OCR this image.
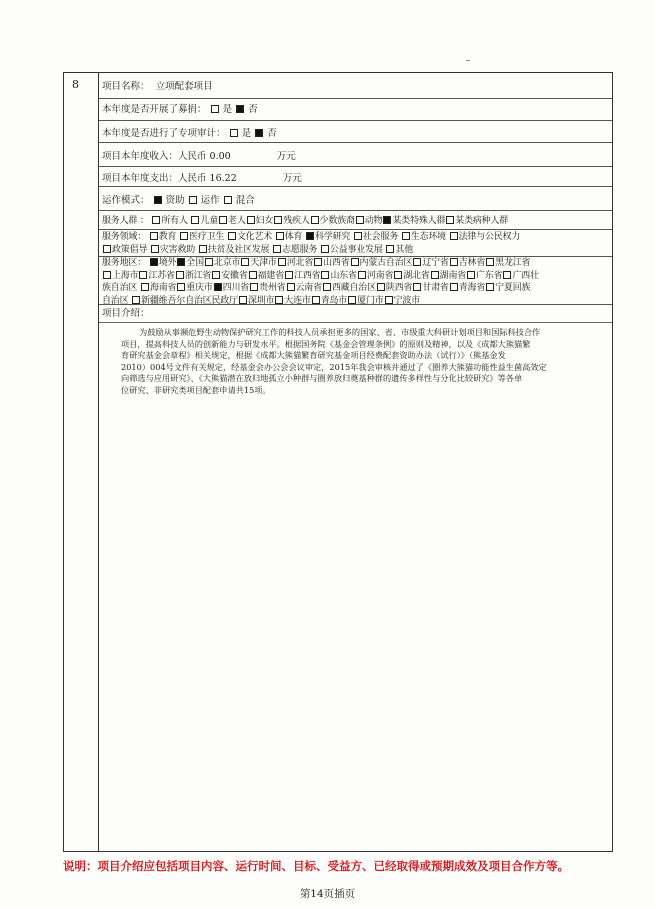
8 项目名称： 立项配套项目
本年度是否开展了募捐： 是 否
本年度是否进行了专项审计： 是 否
项目本年度收入：人民币 0.00	万元
项目本年度支出：人民币 16.22	万元
运作模式： 资助 运作 混合
服务人群 ： 所有人 儿童 老人 妇女 残疾人 少数族裔 动物 某类特殊人群 某类病种人群
服务领域： 教育 医疗卫生 文化艺术 体育 科学研究 社会服务 生态环境 法律与公民权力
政策倡导 灾害救助 扶贫及社区发展 志愿服务 公益事业发展 其他
服务地区： 境外 全国 北京市 天津市 河北省 山西省 内蒙古自治区 辽宁省 吉林省 黑龙江省
上海市 江苏省 浙江省 安徽省 福建省 江西省 山东省 河南省 湖北省 湖南省 广东省 广西壮
族自治区 海南省 重庆市 四川省 贵州省 云南省 西藏自治区 陕西省 甘肃省 青海省 宁夏回族
自治区 新疆维吾尔自治区民政厅 深圳市 大连市 青岛市 厦门市 宁波市
项目介绍：
为鼓励从事濒危野生动物保护研究工作的科技人员承担更多的国家、省、市级重大科研计划项目和国际科技合作
项目，提高科技人员的创新能力与研发水平。根据国务院《基金会管理条例》的原则及精神，以及《成都大熊猫繁
育研究基金会章程》相关规定，根据《成都大熊猫繁育研究基金项目经费配套资助办法（试行）》（熊基金发
2010）004号文件有关规定，经基金会办公会会议审定，2015年我会审核并通过了《圈养大熊猫功能性益生菌高效定
向筛选与应用研究》、《大熊猫潜在放归地孤立小种群与圈养放归奠基种群的遗传多样性与分化比较研究》等各单
位研究、非研究类项目配套申请共15项。
说明：项目介绍应包括项目内容、运行时间、目标、受益方、已经取得或预期成效及项目合作方等。
第14页插页
